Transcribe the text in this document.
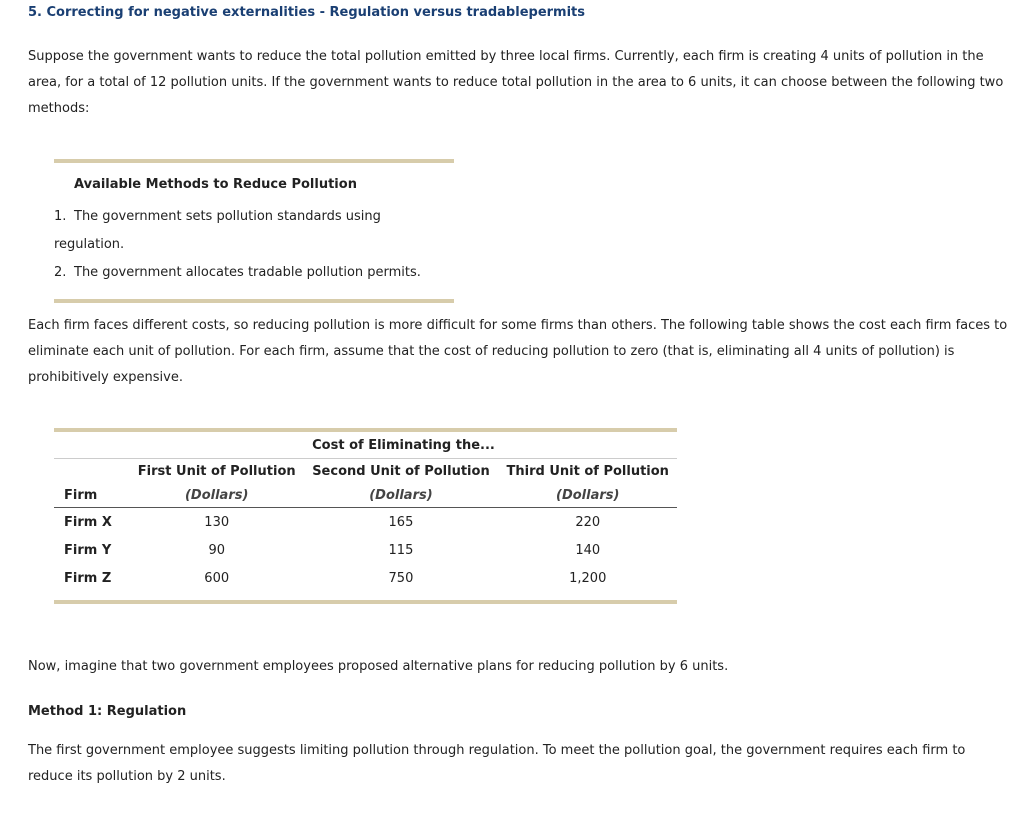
5. Correcting for negative externalities - Regulation versus tradablepermits

Suppose the government wants to reduce the total pollution emitted by three local firms. Currently, each firm is creating 4 units of pollution in the area, for a total of 12 pollution units. If the government wants to reduce total pollution in the area to 6 units, it can choose between the following two methods:

Available Methods to Reduce Pollution
1. The government sets pollution standards using regulation.
2. The government allocates tradable pollution permits.

Each firm faces different costs, so reducing pollution is more difficult for some firms than others. The following table shows the cost each firm faces to eliminate each unit of pollution. For each firm, assume that the cost of reducing pollution to zero (that is, eliminating all 4 units of pollution) is prohibitively expensive.

	Cost of Eliminating the...		

	First Unit of Pollution	Second Unit of Pollution	Third Unit of Pollution
Firm	(Dollars)	(Dollars)	(Dollars)
Firm X	130	165	220
Firm Y	90	115	140
Firm Z	600	750	1,200

Now, imagine that two government employees proposed alternative plans for reducing pollution by 6 units.

Method 1: Regulation

The first government employee suggests limiting pollution through regulation. To meet the pollution goal, the government requires each firm to reduce its pollution by 2 units.
